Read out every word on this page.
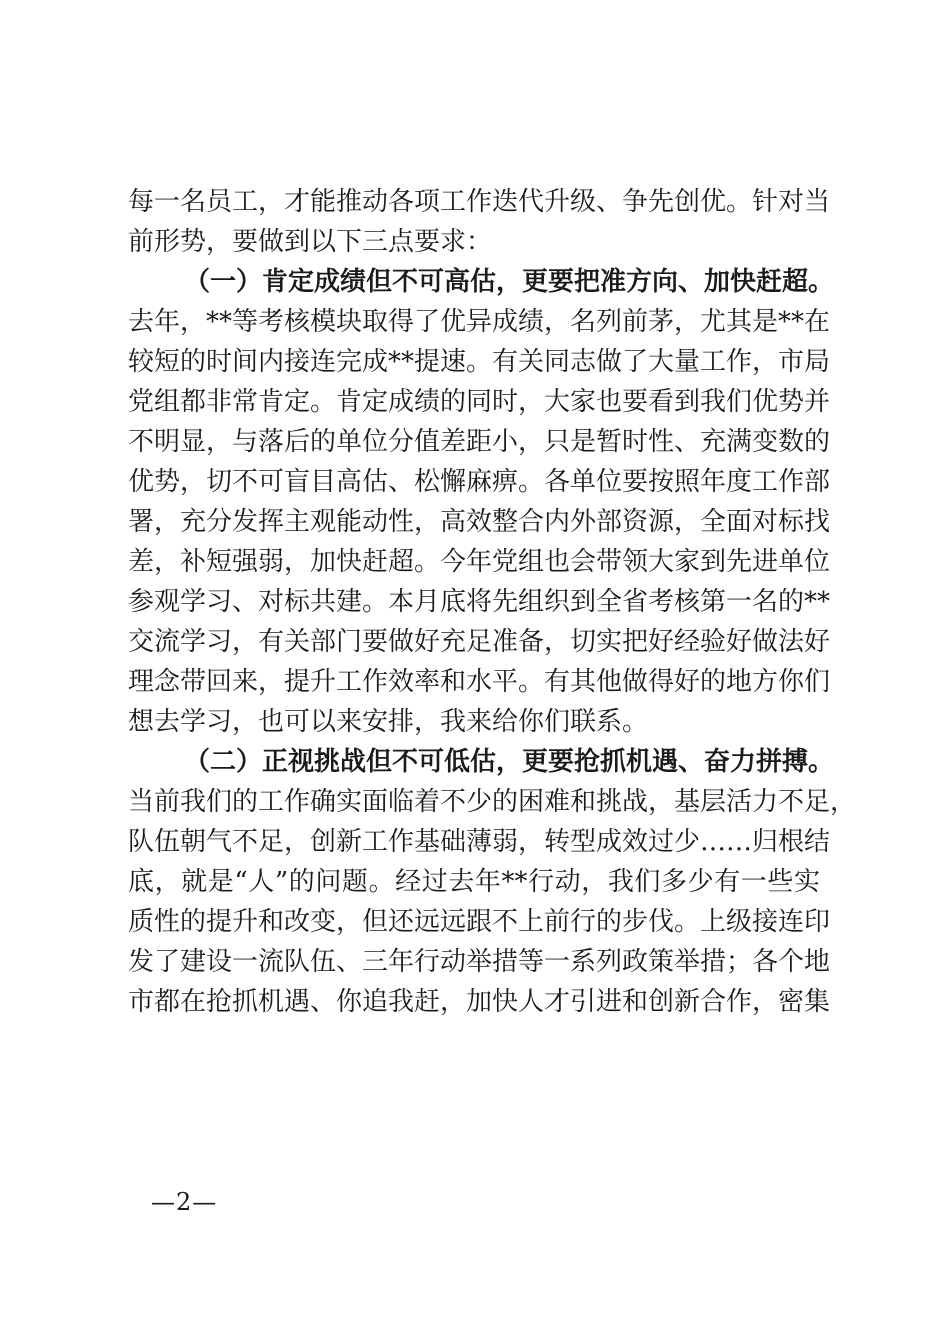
每一名员工，才能推动各项工作迭代升级、争先创优。针对当
前形势，要做到以下三点要求：
（一）肯定成绩但不可高估，更要把准方向、加快赶超。
去年，**等考核模块取得了优异成绩，名列前茅，尤其是**在
较短的时间内接连完成**提速。有关同志做了大量工作，市局
党组都非常肯定。肯定成绩的同时，大家也要看到我们优势并
不明显，与落后的单位分值差距小，只是暂时性、充满变数的
优势，切不可盲目高估、松懈麻痹。各单位要按照年度工作部
署，充分发挥主观能动性，高效整合内外部资源，全面对标找
差，补短强弱，加快赶超。今年党组也会带领大家到先进单位
参观学习、对标共建。本月底将先组织到全省考核第一名的**
交流学习，有关部门要做好充足准备，切实把好经验好做法好
理念带回来，提升工作效率和水平。有其他做得好的地方你们
想去学习，也可以来安排，我来给你们联系。
（二）正视挑战但不可低估，更要抢抓机遇、奋力拼搏。
当前我们的工作确实面临着不少的困难和挑战，基层活力不足，
队伍朝气不足，创新工作基础薄弱，转型成效过少……归根结
底，就是“人”的问题。经过去年**行动，我们多少有一些实
质性的提升和改变，但还远远跟不上前行的步伐。上级接连印
发了建设一流队伍、三年行动举措等一系列政策举措；各个地
市都在抢抓机遇、你追我赶，加快人才引进和创新合作，密集
—2—
